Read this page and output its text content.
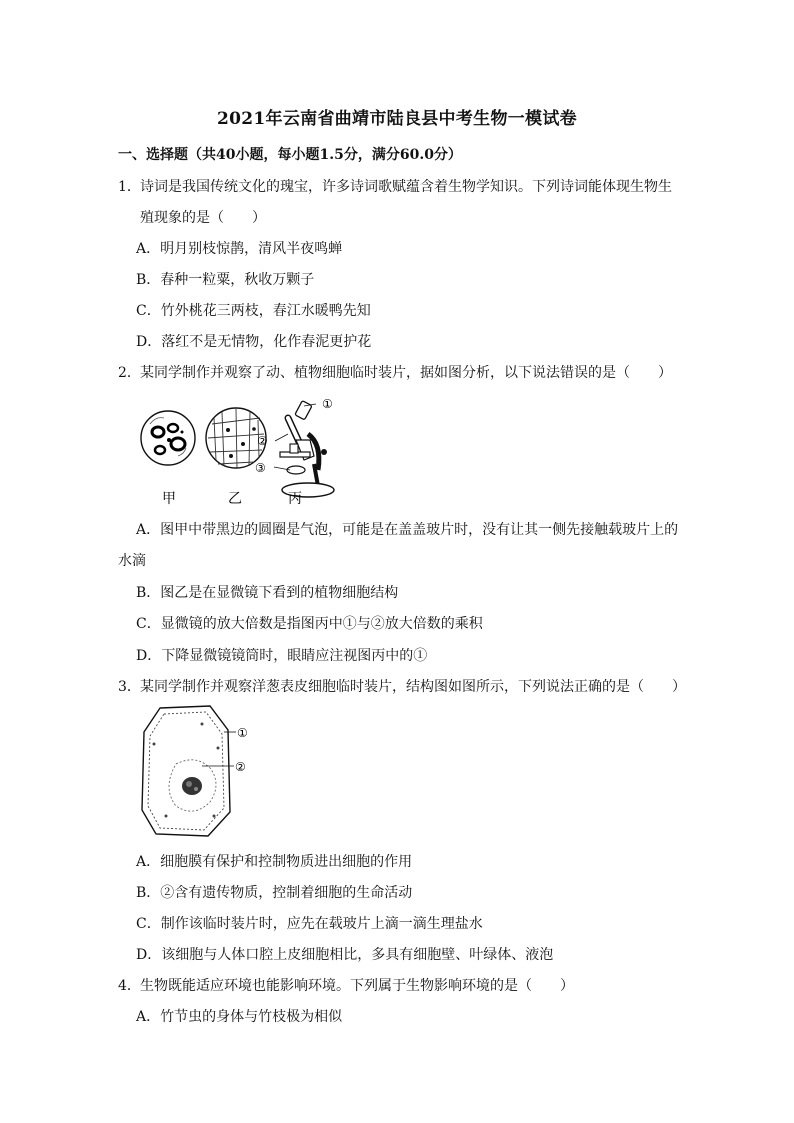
2021年云南省曲靖市陆良县中考生物一模试卷
一、选择题（共40小题，每小题1.5分，满分60.0分）
1．诗词是我国传统文化的瑰宝，许多诗词歌赋蕴含着生物学知识。下列诗词能体现生物生
殖现象的是（　　）
A．明月别枝惊鹊，清风半夜鸣蝉
B．春种一粒粟，秋收万颗子
C．竹外桃花三两枝，春江水暖鸭先知
D．落红不是无情物，化作春泥更护花
2．某同学制作并观察了动、植物细胞临时装片，据如图分析，以下说法错误的是（　　）
①
②
③
甲	乙	丙
A．图甲中带黑边的圆圈是气泡，可能是在盖盖玻片时，没有让其一侧先接触载玻片上的
水滴
B．图乙是在显微镜下看到的植物细胞结构
C．显微镜的放大倍数是指图丙中①与②放大倍数的乘积
D．下降显微镜镜筒时，眼睛应注视图丙中的①
3．某同学制作并观察洋葱表皮细胞临时装片，结构图如图所示，下列说法正确的是（　　）
①
②
A．细胞膜有保护和控制物质进出细胞的作用
B．②含有遗传物质，控制着细胞的生命活动
C．制作该临时装片时，应先在载玻片上滴一滴生理盐水
D．该细胞与人体口腔上皮细胞相比，多具有细胞壁、叶绿体、液泡
4．生物既能适应环境也能影响环境。下列属于生物影响环境的是（　　）
A．竹节虫的身体与竹枝极为相似
